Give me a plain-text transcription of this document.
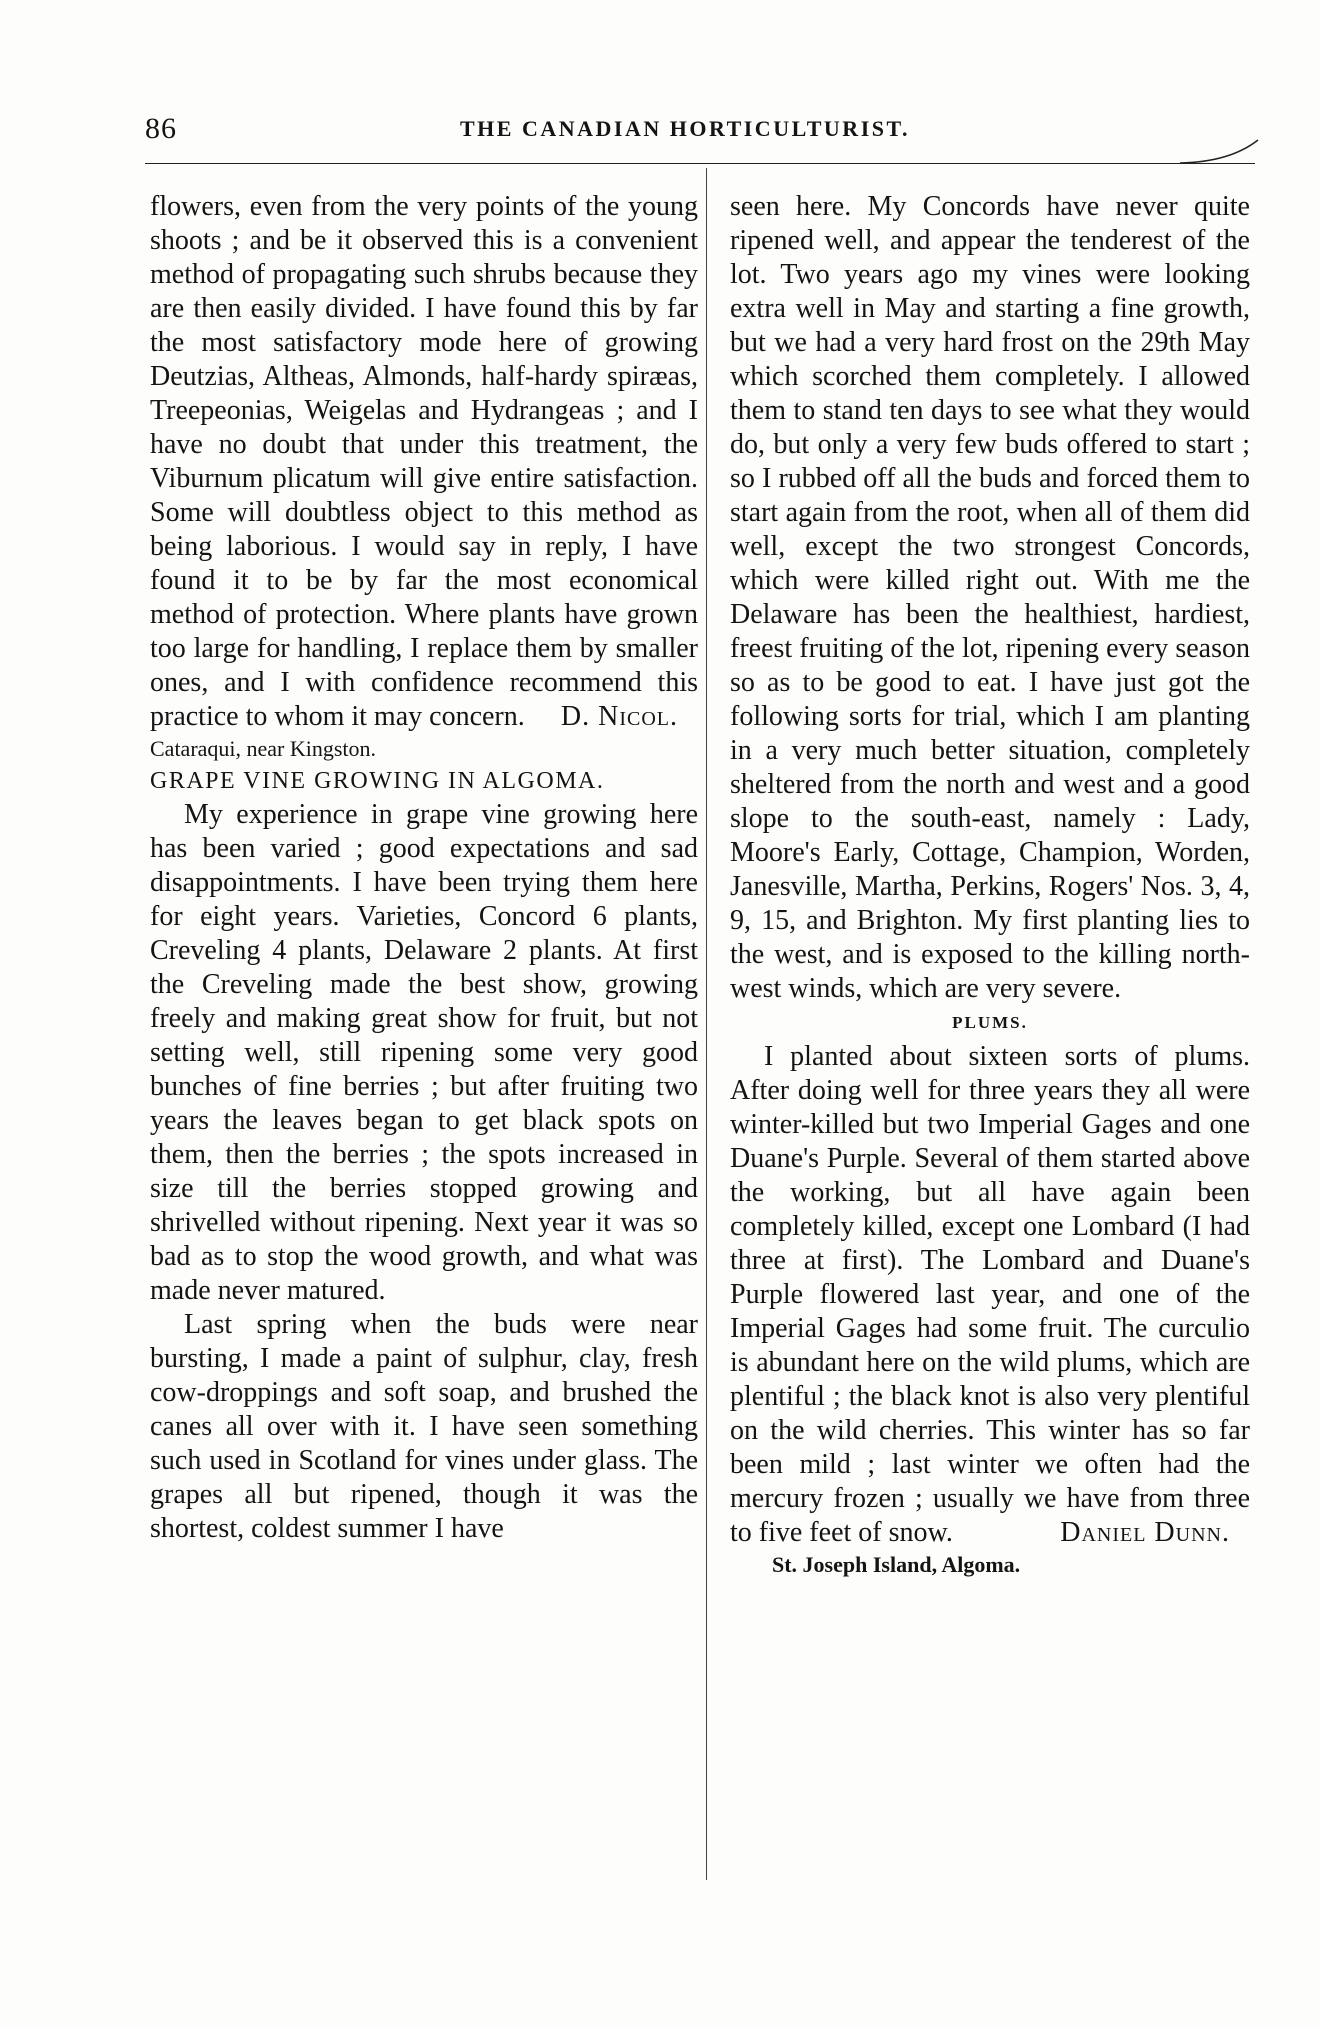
86	THE CANADIAN HORTICULTURIST.

flowers, even from the very points of the young shoots ; and be it observed this is a convenient method of propagating such shrubs because they are then easily divided. I have found this by far the most satisfactory mode here of growing Deutzias, Altheas, Almonds, half-hardy spiræas, Treepeonias, Weigelas and Hydrangeas ; and I have no doubt that under this treatment, the Viburnum plicatum will give entire satisfaction. Some will doubtless object to this method as being laborious. I would say in reply, I have found it to be by far the most economical method of protection. Where plants have grown too large for handling, I replace them by smaller ones, and I with confidence recommend this practice to whom it may concern. D. Nicol.

Cataraqui, near Kingston.

GRAPE VINE GROWING IN ALGOMA.

My experience in grape vine growing here has been varied ; good expectations and sad disappointments. I have been trying them here for eight years. Varieties, Concord 6 plants, Creveling 4 plants, Delaware 2 plants. At first the Creveling made the best show, growing freely and making great show for fruit, but not setting well, still ripening some very good bunches of fine berries ; but after fruiting two years the leaves began to get black spots on them, then the berries ; the spots increased in size till the berries stopped growing and shrivelled without ripening. Next year it was so bad as to stop the wood growth, and what was made never matured.

Last spring when the buds were near bursting, I made a paint of sulphur, clay, fresh cow-droppings and soft soap, and brushed the canes all over with it. I have seen something such used in Scotland for vines under glass. The grapes all but ripened, though it was the shortest, coldest summer I have

seen here. My Concords have never quite ripened well, and appear the tenderest of the lot. Two years ago my vines were looking extra well in May and starting a fine growth, but we had a very hard frost on the 29th May which scorched them completely. I allowed them to stand ten days to see what they would do, but only a very few buds offered to start ; so I rubbed off all the buds and forced them to start again from the root, when all of them did well, except the two strongest Concords, which were killed right out. With me the Delaware has been the healthiest, hardiest, freest fruiting of the lot, ripening every season so as to be good to eat. I have just got the following sorts for trial, which I am planting in a very much better situation, completely sheltered from the north and west and a good slope to the south-east, namely : Lady, Moore's Early, Cottage, Champion, Worden, Janesville, Martha, Perkins, Rogers' Nos. 3, 4, 9, 15, and Brighton. My first planting lies to the west, and is exposed to the killing north-west winds, which are very severe.

PLUMS.

I planted about sixteen sorts of plums. After doing well for three years they all were winter-killed but two Imperial Gages and one Duane's Purple. Several of them started above the working, but all have again been completely killed, except one Lombard (I had three at first). The Lombard and Duane's Purple flowered last year, and one of the Imperial Gages had some fruit. The curculio is abundant here on the wild plums, which are plentiful ; the black knot is also very plentiful on the wild cherries. This winter has so far been mild ; last winter we often had the mercury frozen ; usually we have from three to five feet of snow.	Daniel Dunn.

St. Joseph Island, Algoma.
